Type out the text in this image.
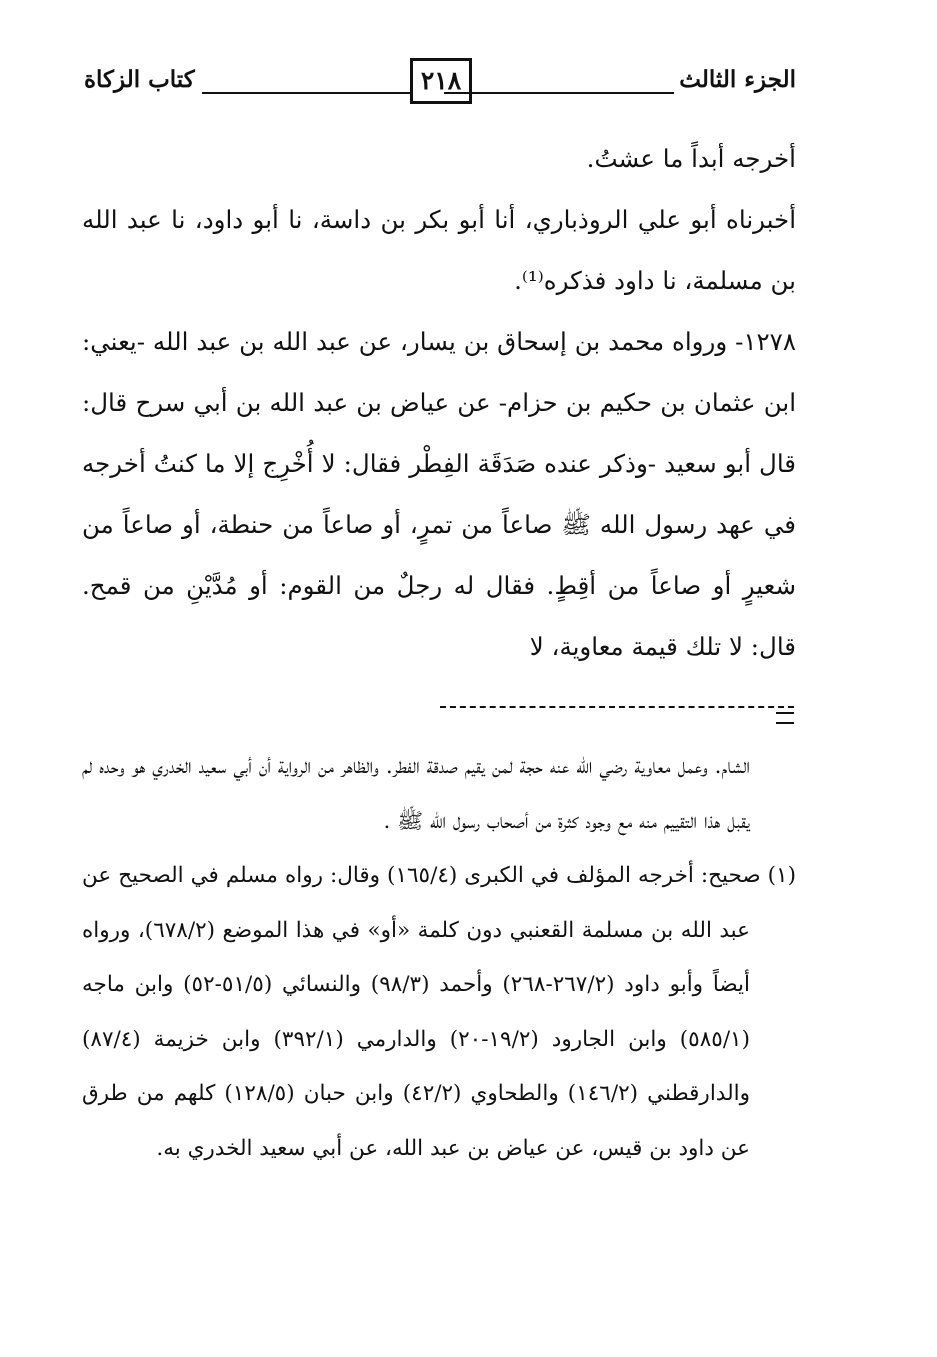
الجزء الثالث
٢١٨
كتاب الزكاة

أخرجه أبداً ما عشتُ.

أخبرناه أبو علي الروذباري، أنا أبو بكر بن داسة، نا أبو داود، نا عبد الله بن مسلمة، نا داود فذكره⁽¹⁾.

١٢٧٨- ورواه محمد بن إسحاق بن يسار، عن عبد الله بن عبد الله -يعني: ابن عثمان بن حكيم بن حزام- عن عياض بن عبد الله بن أبي سرح قال: قال أبو سعيد -وذكر عنده صَدَقَة الفِطْر فقال: لا أُخْرِج إلا ما كنتُ أخرجه في عهد رسول الله ﷺ صاعاً من تمرٍ، أو صاعاً من حنطة، أو صاعاً من شعيرٍ أو صاعاً من أقِطٍ. فقال له رجلٌ من القوم: أو مُدَّيْنِ من قمح. قال: لا تلك قيمة معاوية، لا

الشام. وعمل معاوية رضي الله عنه حجة لمن يقيم صدقة الفطر. والظاهر من الرواية أن أبي سعيد الخدري هو وحده لم يقبل هذا التقييم منه مع وجود كثرة من أصحاب رسول الله ﷺ .

(١) صحيح: أخرجه المؤلف في الكبرى (١٦٥/٤) وقال: رواه مسلم في الصحيح عن عبد الله بن مسلمة القعنبي دون كلمة «أو» في هذا الموضع (٦٧٨/٢)، ورواه أيضاً وأبو داود (٢٦٧/٢-٢٦٨) وأحمد (٩٨/٣) والنسائي (٥١/٥-٥٢) وابن ماجه (٥٨٥/١) وابن الجارود (١٩/٢-٢٠) والدارمي (٣٩٢/١) وابن خزيمة (٨٧/٤) والدارقطني (١٤٦/٢) والطحاوي (٤٢/٢) وابن حبان (١٢٨/٥) كلهم من طرق عن داود بن قيس، عن عياض بن عبد الله، عن أبي سعيد الخدري به.
